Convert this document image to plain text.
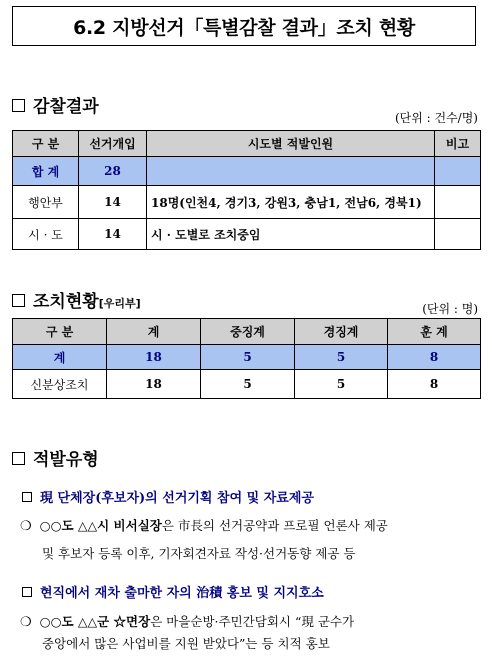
6.2 지방선거「특별감찰 결과」조치 현황
감찰결과
(단위 : 건수/명)
구 분	선거개입	시도별 적발인원	비고
합 계	28		
행안부	14	18명(인천4, 경기3, 강원3, 충남1, 전남6, 경북1)	
시 · 도	14	시 · 도별로 조치중임	
조치현황 [우리부]	(단위 : 명)
구 분	계	중징계	경징계	훈 계
계	18	5	5	8
신분상조치	18	5	5	8
적발유형
現 단체장(후보자)의 선거기획 참여 및 자료제공
❍ ○○도 △△시 비서실장은 市長의 선거공약과 프로필 언론사 제공
및 후보자 등록 이후, 기자회견자료 작성·선거동향 제공 등
현직에서 재차 출마한 자의 治積 홍보 및 지지호소
❍ ○○도 △△군 ☆면장은 마을순방·주민간담회시 “現 군수가
중앙에서 많은 사업비를 지원 받았다”는 등 치적 홍보
